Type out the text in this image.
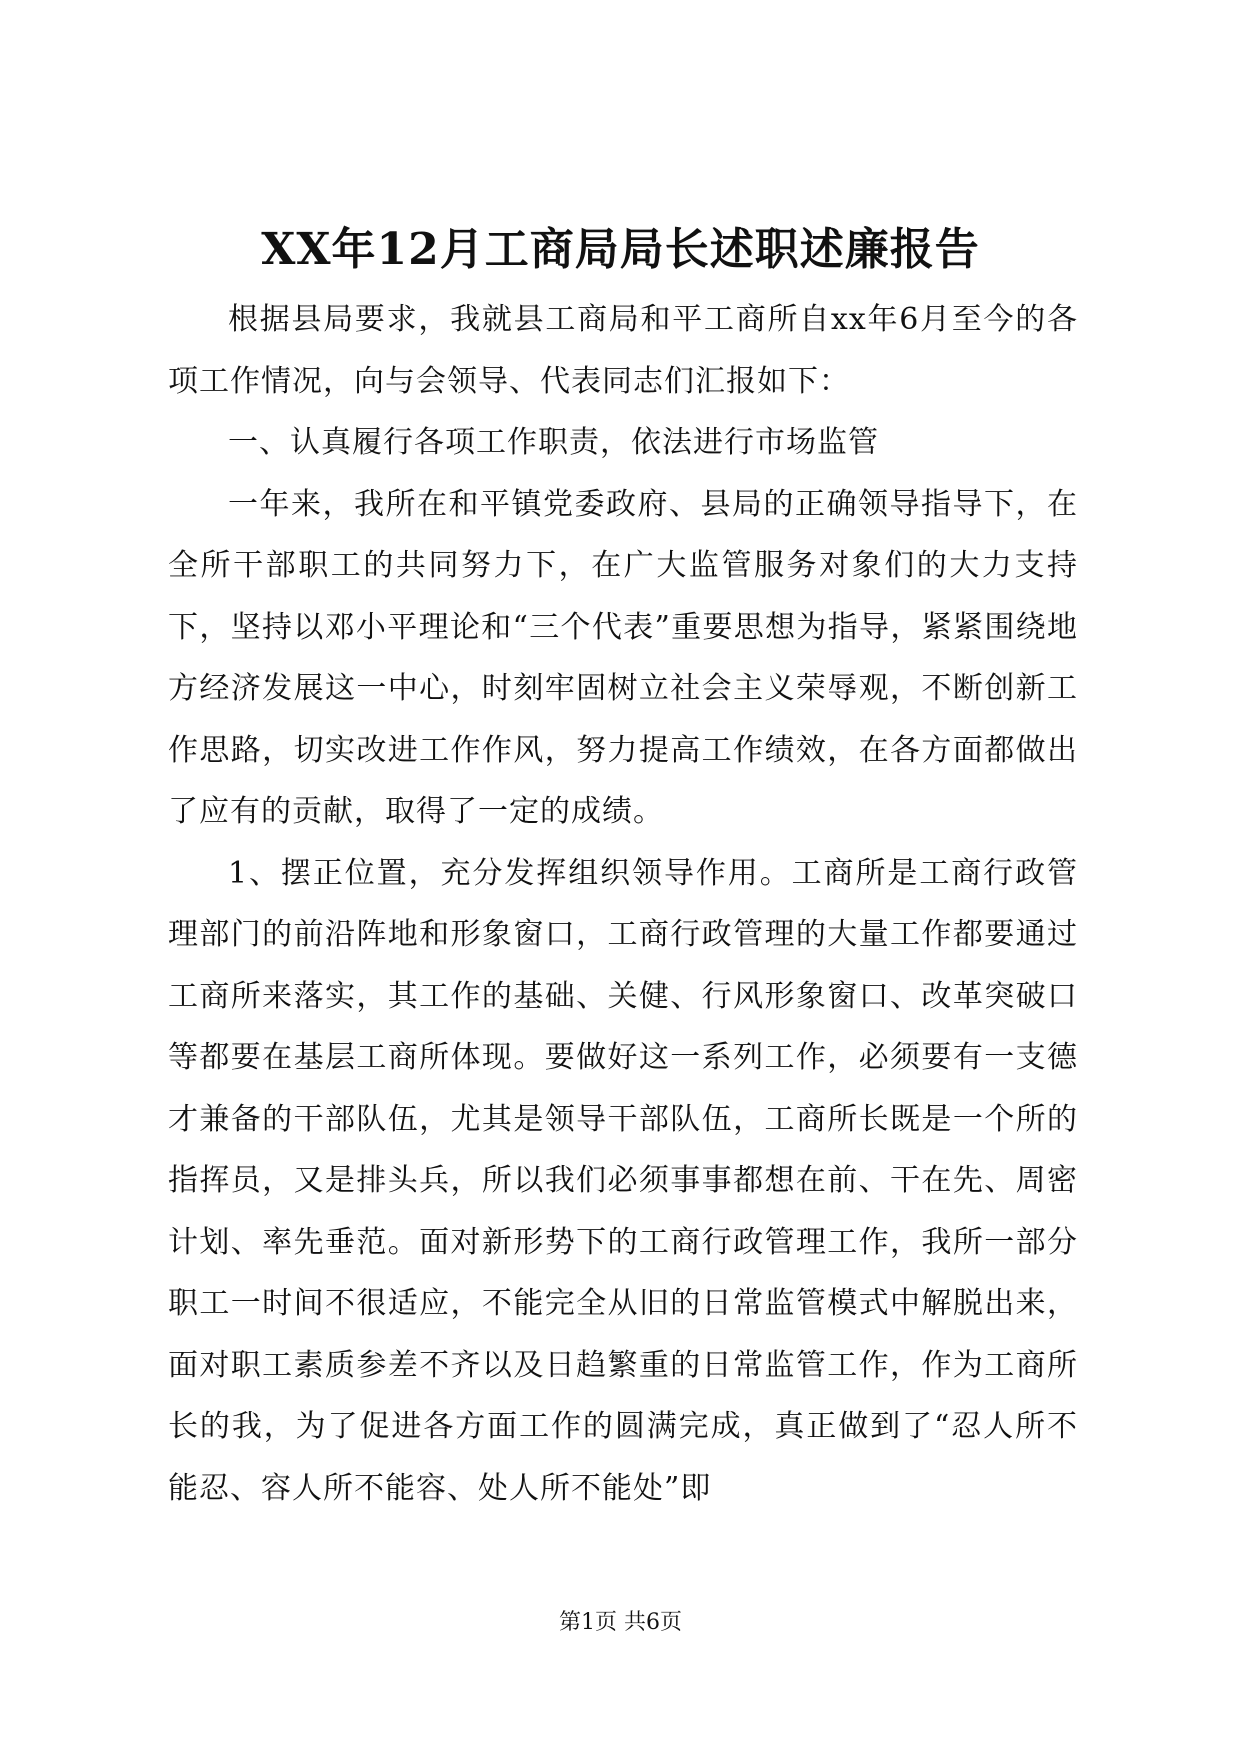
XX年12月工商局局长述职述廉报告

根据县局要求，我就县工商局和平工商所自xx年6月至今的各项工作情况，向与会领导、代表同志们汇报如下：

一、认真履行各项工作职责，依法进行市场监管

一年来，我所在和平镇党委政府、县局的正确领导指导下，在全所干部职工的共同努力下，在广大监管服务对象们的大力支持下，坚持以邓小平理论和“三个代表”重要思想为指导，紧紧围绕地方经济发展这一中心，时刻牢固树立社会主义荣辱观，不断创新工作思路，切实改进工作作风，努力提高工作绩效，在各方面都做出了应有的贡献，取得了一定的成绩。

1、摆正位置，充分发挥组织领导作用。工商所是工商行政管理部门的前沿阵地和形象窗口，工商行政管理的大量工作都要通过工商所来落实，其工作的基础、关健、行风形象窗口、改革突破口等都要在基层工商所体现。要做好这一系列工作，必须要有一支德才兼备的干部队伍，尤其是领导干部队伍，工商所长既是一个所的指挥员，又是排头兵，所以我们必须事事都想在前、干在先、周密计划、率先垂范。面对新形势下的工商行政管理工作，我所一部分职工一时间不很适应，不能完全从旧的日常监管模式中解脱出来，面对职工素质参差不齐以及日趋繁重的日常监管工作，作为工商所长的我，为了促进各方面工作的圆满完成，真正做到了“忍人所不能忍、容人所不能容、处人所不能处”即

第1页 共6页
